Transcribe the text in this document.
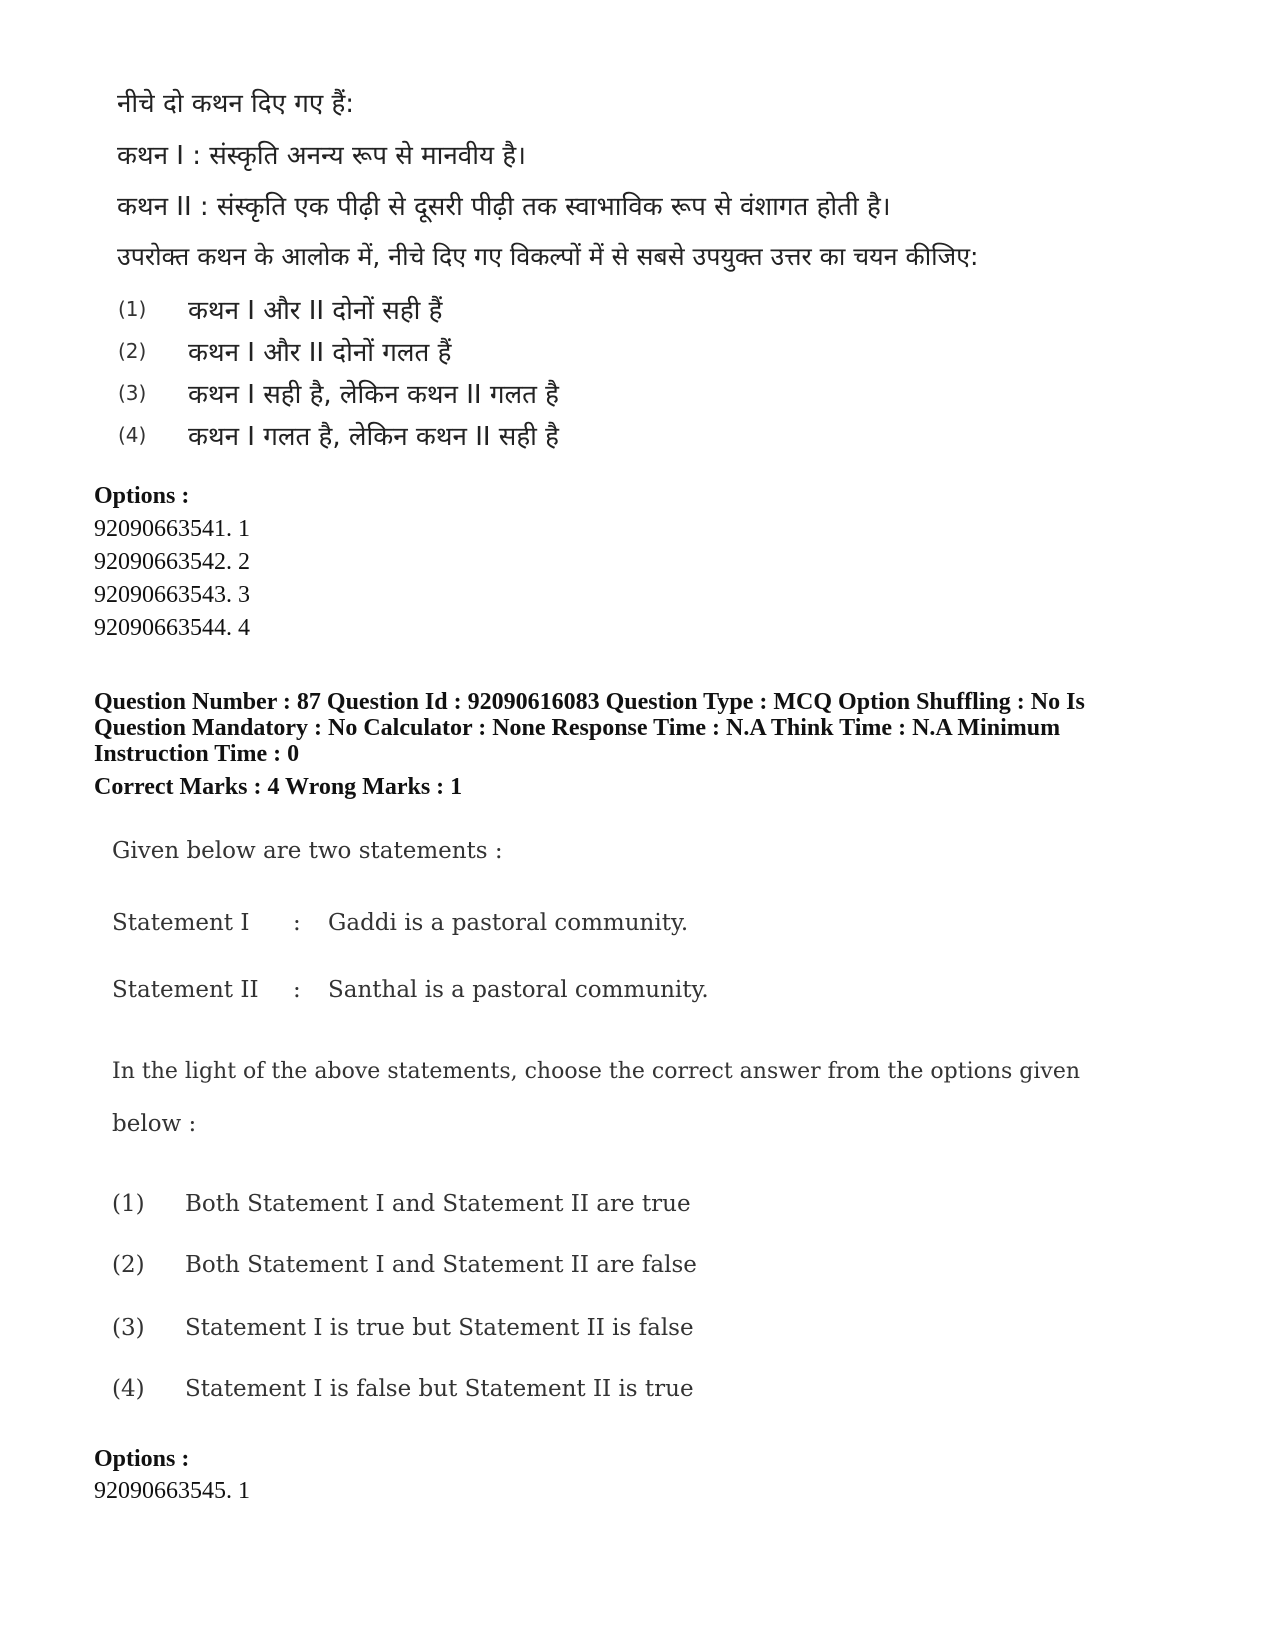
नीचे दो कथन दिए गए हैं:
कथन I : संस्कृति अनन्य रूप से मानवीय है।
कथन II : संस्कृति एक पीढ़ी से दूसरी पीढ़ी तक स्वाभाविक रूप से वंशागत होती है।
उपरोक्त कथन के आलोक में, नीचे दिए गए विकल्पों में से सबसे उपयुक्त उत्तर का चयन कीजिए:
(1) कथन I और II दोनों सही हैं
(2) कथन I और II दोनों गलत हैं
(3) कथन I सही है, लेकिन कथन II गलत है
(4) कथन I गलत है, लेकिन कथन II सही है
Options :
92090663541. 1
92090663542. 2
92090663543. 3
92090663544. 4
Question Number : 87 Question Id : 92090616083 Question Type : MCQ Option Shuffling : No Is
Question Mandatory : No Calculator : None Response Time : N.A Think Time : N.A Minimum
Instruction Time : 0
Correct Marks : 4 Wrong Marks : 1
Given below are two statements :
Statement I : Gaddi is a pastoral community.
Statement II : Santhal is a pastoral community.
In the light of the above statements, choose the correct answer from the options given
below :
(1) Both Statement I and Statement II are true
(2) Both Statement I and Statement II are false
(3) Statement I is true but Statement II is false
(4) Statement I is false but Statement II is true
Options :
92090663545. 1
